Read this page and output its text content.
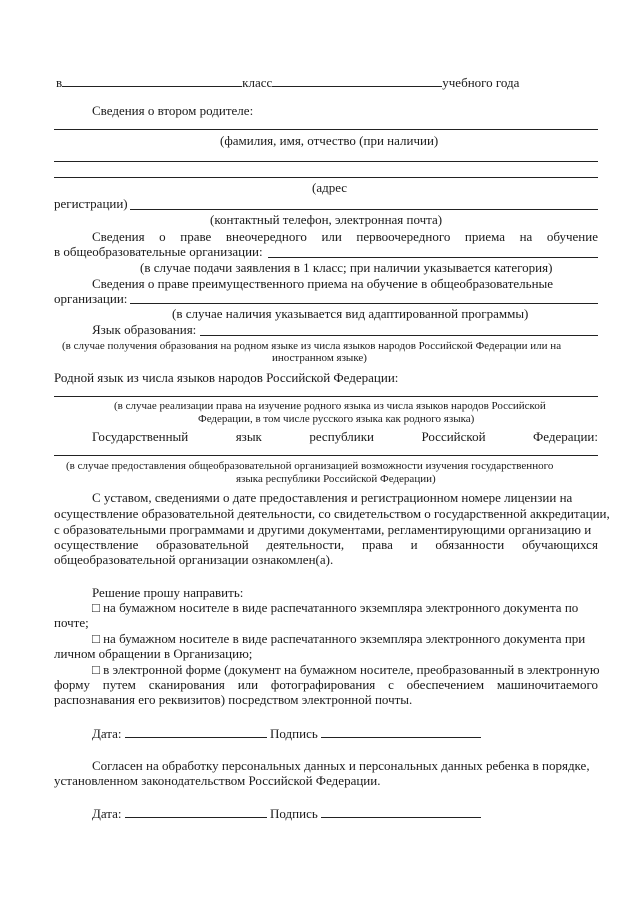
в	класс	учебного года
Сведения о втором родителе:
(фамилия, имя, отчество (при наличии)
(адрес
регистрации)
(контактный телефон, электронная почта)
Сведения о праве внеочередного или первоочередного приема на обучение
в общеобразовательные организации:
(в случае подачи заявления в 1 класс; при наличии указывается категория)
Сведения о праве преимущественного приема на обучение в общеобразовательные
организации:
(в случае наличия указывается вид адаптированной программы)
Язык образования:
(в случае получения образования на родном языке из числа языков народов Российской Федерации или на
иностранном языке)
Родной язык из числа языков народов Российской Федерации:
(в случае реализации права на изучение родного языка из числа языков народов Российской
Федерации, в том числе русского языка как родного языка)
Государственный	язык	республики	Российской	Федерации:
(в случае предоставления общеобразовательной организацией возможности изучения государственного
языка республики Российской Федерации)
С уставом, сведениями о дате предоставления и регистрационном номере лицензии на
осуществление образовательной деятельности, со свидетельством о государственной аккредитации,
с образовательными программами и другими документами, регламентирующими организацию и
осуществление образовательной деятельности, права и обязанности обучающихся
общеобразовательной организации ознакомлен(а).
Решение прошу направить:
□ на бумажном носителе в виде распечатанного экземпляра электронного документа по
почте;
□ на бумажном носителе в виде распечатанного экземпляра электронного документа при
личном обращении в Организацию;
□ в электронной форме (документ на бумажном носителе, преобразованный в электронную
форму путем сканирования или фотографирования с обеспечением машиночитаемого
распознавания его реквизитов) посредством электронной почты.
Дата:	Подпись
Согласен на обработку персональных данных и персональных данных ребенка в порядке,
установленном законодательством Российской Федерации.
Дата:	Подпись
